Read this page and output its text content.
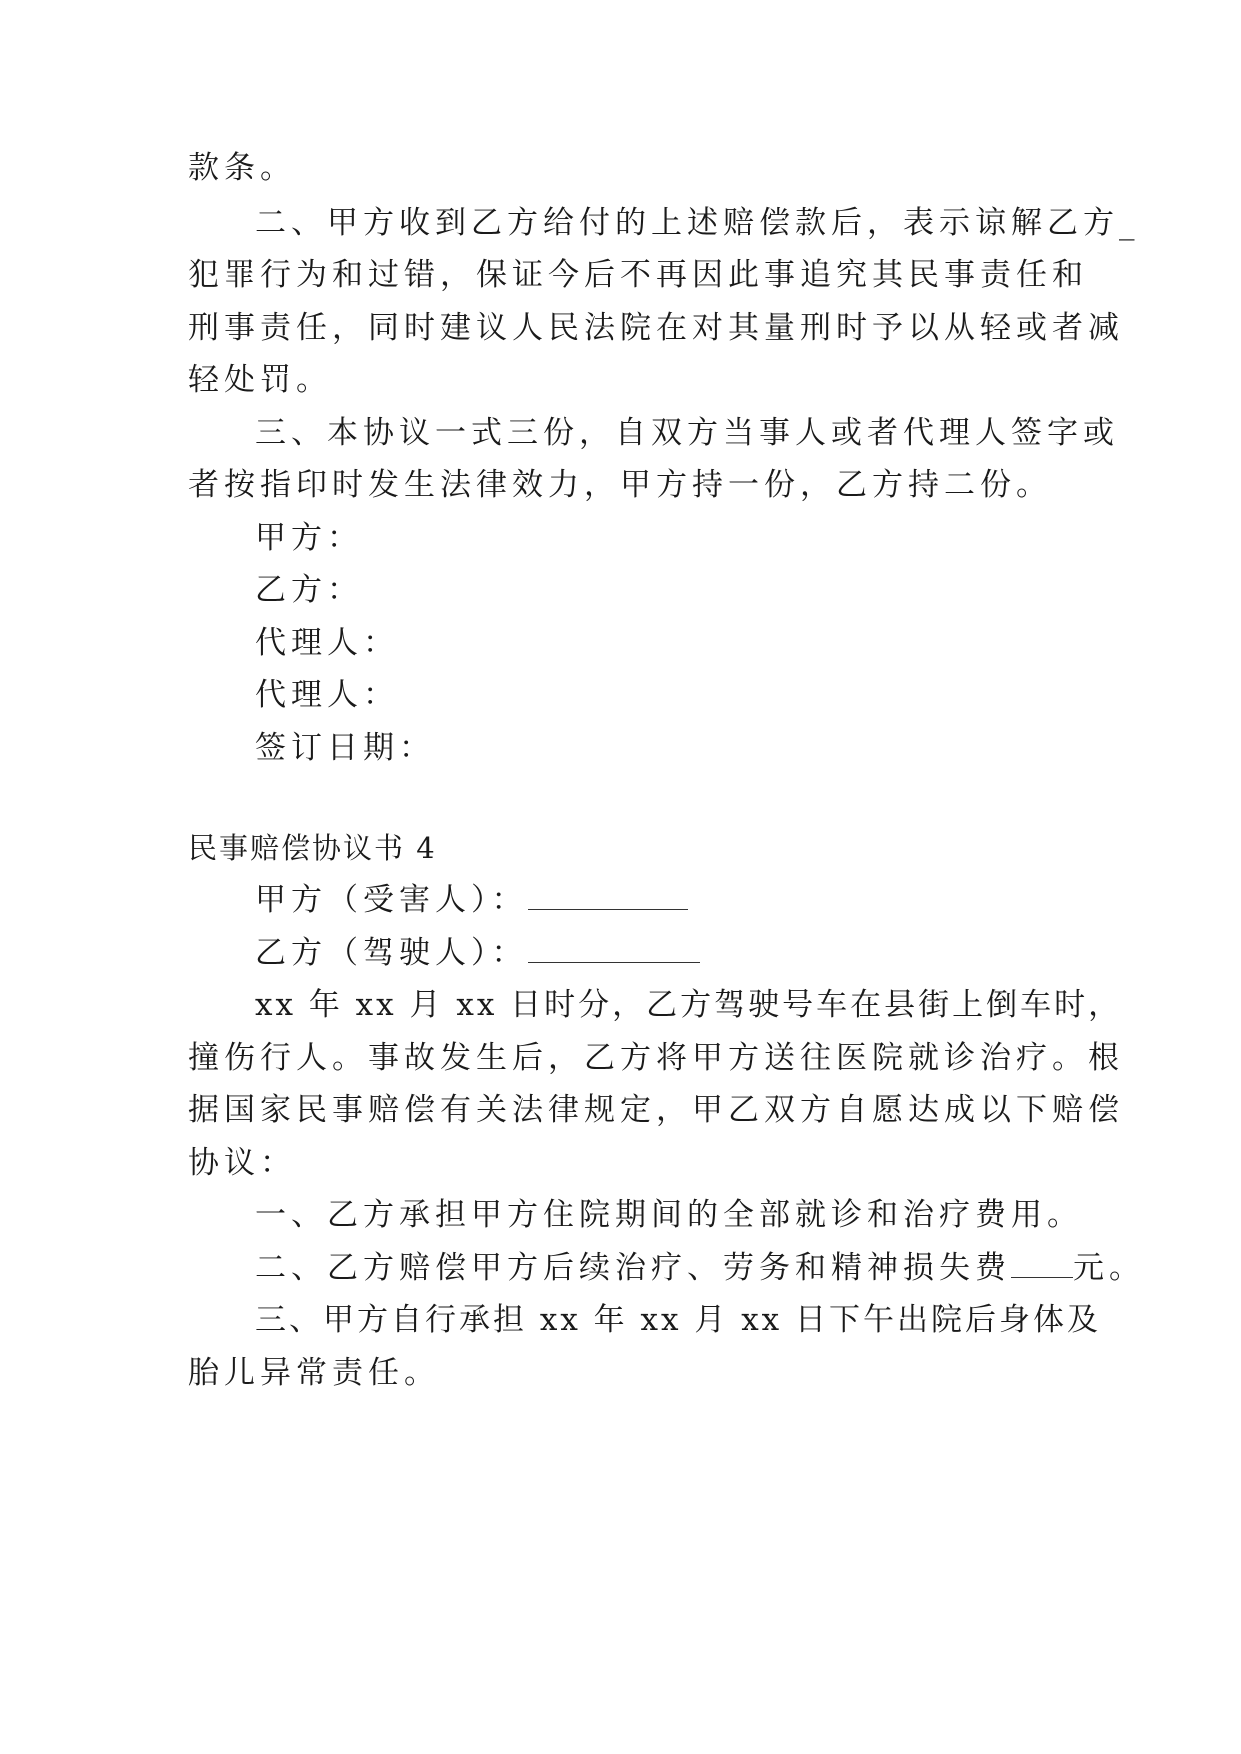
款条。
二、甲方收到乙方给付的上述赔偿款后，表示谅解乙方_
犯罪行为和过错，保证今后不再因此事追究其民事责任和
刑事责任，同时建议人民法院在对其量刑时予以从轻或者减
轻处罚。
三、本协议一式三份，自双方当事人或者代理人签字或
者按指印时发生法律效力，甲方持一份，乙方持二份。
甲方：
乙方：
代理人：
代理人：
签订日期：
民事赔偿协议书 4
甲方（受害人）：
乙方（驾驶人）：
xx 年 xx 月 xx 日时分，乙方驾驶号车在县街上倒车时，
撞伤行人。事故发生后，乙方将甲方送往医院就诊治疗。根
据国家民事赔偿有关法律规定，甲乙双方自愿达成以下赔偿
协议：
一、乙方承担甲方住院期间的全部就诊和治疗费用。
二、乙方赔偿甲方后续治疗、劳务和精神损失费 元。
三、甲方自行承担 xx 年 xx 月 xx 日下午出院后身体及
胎儿异常责任。
